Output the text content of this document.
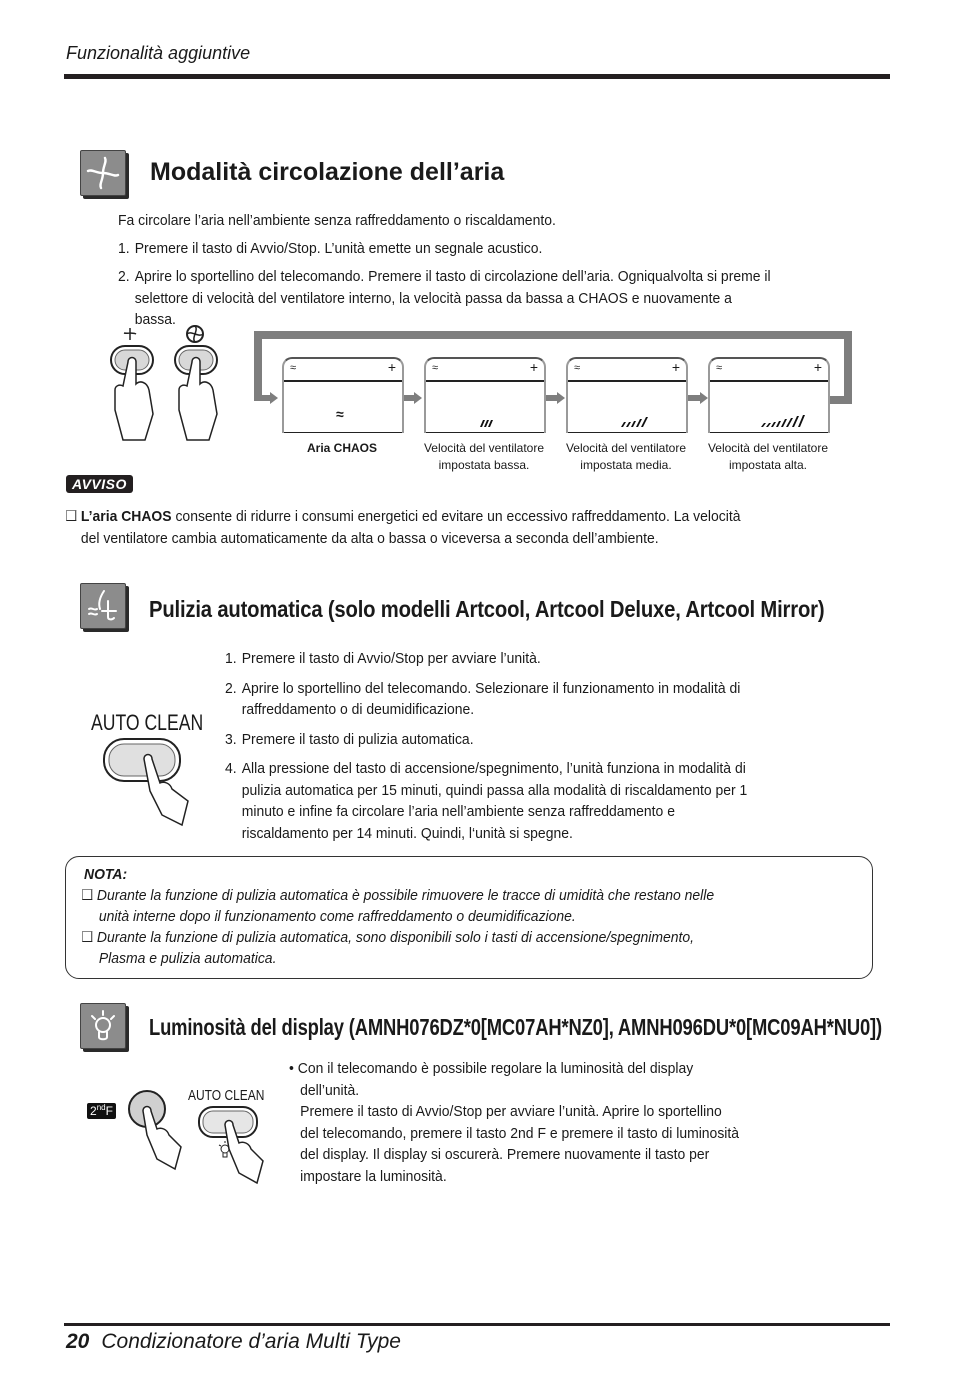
Funzionalità aggiuntive
Modalità circolazione dell’aria
Fa circolare l’aria nell’ambiente senza raffreddamento o riscaldamento.
1. Premere il tasto di Avvio/Stop. L’unità emette un segnale acustico.
2. Aprire lo sportellino del telecomando. Premere il tasto di circolazione dell’aria. Ogniqualvolta si preme il
selettore di velocità del ventilatore interno, la velocità passa da bassa a CHAOS e nuovamente a
bassa.
≈	+
≈
≈	+	≈	+	≈	+
Aria CHAOS	Velocità del ventilatore
impostata bassa.
Velocità del ventilatore
impostata media.
Velocità del ventilatore
impostata alta.
AVVISO
L’aria CHAOS consente di ridurre i consumi energetici ed evitare un eccessivo raffreddamento. La velocità
del ventilatore cambia automaticamente da alta o bassa o viceversa a seconda dell’ambiente.
Pulizia automatica (solo modelli Artcool, Artcool Deluxe, Artcool Mirror)
AUTO CLEAN
1. Premere il tasto di Avvio/Stop per avviare l’unità.
2. Aprire lo sportellino del telecomando. Selezionare il funzionamento in modalità di
raffreddamento o di deumidificazione.
3. Premere il tasto di pulizia automatica.
4. Alla pressione del tasto di accensione/spegnimento, l’unità funziona in modalità di
pulizia automatica per 15 minuti, quindi passa alla modalità di riscaldamento per 1
minuto e infine fa circolare l’aria nell’ambiente senza raffreddamento e
riscaldamento per 14 minuti. Quindi, l‘unità si spegne.
NOTA:
Durante la funzione di pulizia automatica è possibile rimuovere le tracce di umidità che restano nelle
unità interne dopo il funzionamento come raffreddamento o deumidificazione.
Durante la funzione di pulizia automatica, sono disponibili solo i tasti di accensione/spegnimento,
Plasma e pulizia automatica.
Luminosità del display (AMNH076DZ*0[MC07AH*NZ0], AMNH096DU*0[MC09AH*NU0])
2ndF
AUTO CLEAN
• Con il telecomando è possibile regolare la luminosità del display
dell’unità.
Premere il tasto di Avvio/Stop per avviare l’unità. Aprire lo sportellino
del telecomando, premere il tasto 2nd F e premere il tasto di luminosità
del display. Il display si oscurerà. Premere nuovamente il tasto per
impostare la luminosità.
20 Condizionatore d’aria Multi Type
